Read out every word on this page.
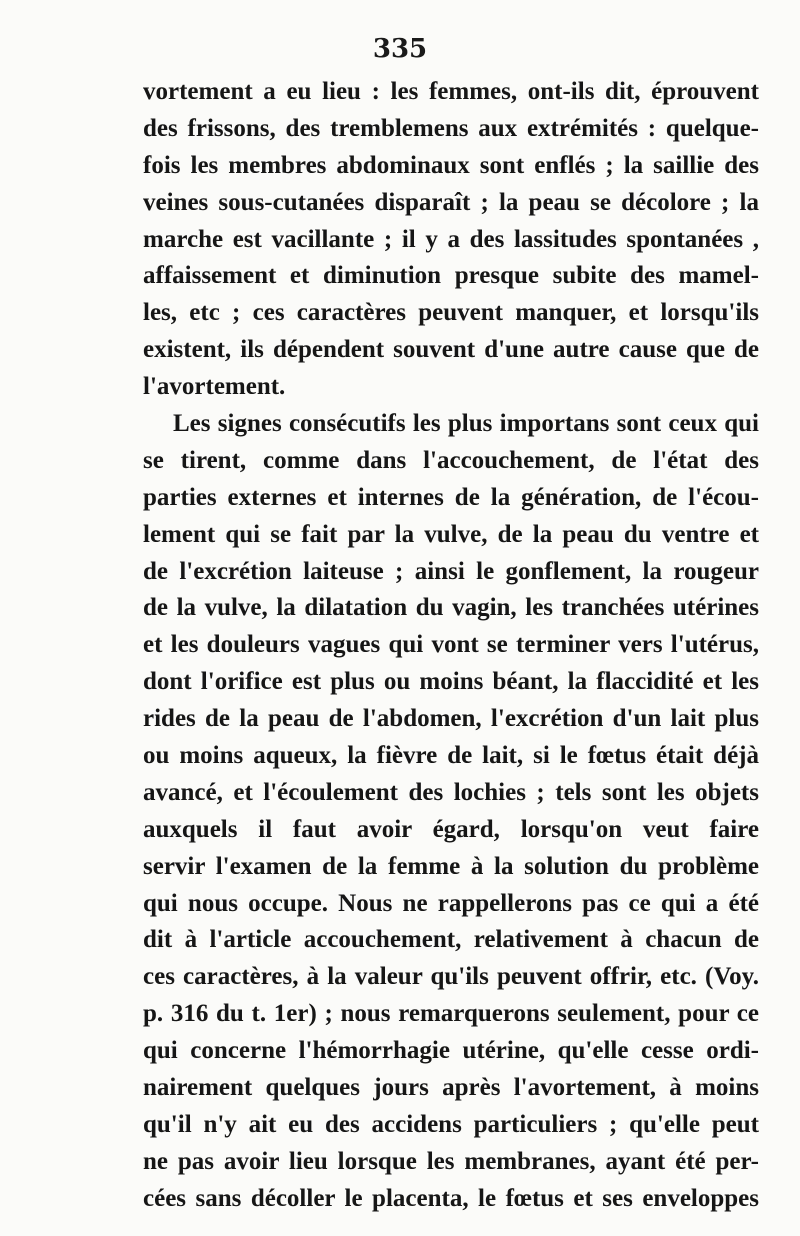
335
vortement a eu lieu : les femmes, ont-ils dit, éprouvent
des frissons, des tremblemens aux extrémités : quelque-
fois les membres abdominaux sont enflés ; la saillie des
veines sous-cutanées disparaît ; la peau se décolore ; la
marche est vacillante ; il y a des lassitudes spontanées ,
affaissement et diminution presque subite des mamel-
les, etc ; ces caractères peuvent manquer, et lorsqu'ils
existent, ils dépendent souvent d'une autre cause que de
l'avortement.
Les signes consécutifs les plus importans sont ceux qui
se tirent, comme dans l'accouchement, de l'état des
parties externes et internes de la génération, de l'écou-
lement qui se fait par la vulve, de la peau du ventre et
de l'excrétion laiteuse ; ainsi le gonflement, la rougeur
de la vulve, la dilatation du vagin, les tranchées utérines
et les douleurs vagues qui vont se terminer vers l'utérus,
dont l'orifice est plus ou moins béant, la flaccidité et les
rides de la peau de l'abdomen, l'excrétion d'un lait plus
ou moins aqueux, la fièvre de lait, si le fœtus était déjà
avancé, et l'écoulement des lochies ; tels sont les objets
auxquels il faut avoir égard, lorsqu'on veut faire
servir l'examen de la femme à la solution du problème
qui nous occupe. Nous ne rappellerons pas ce qui a été
dit à l'article accouchement, relativement à chacun de
ces caractères, à la valeur qu'ils peuvent offrir, etc. (Voy.
p. 316 du t. 1er) ; nous remarquerons seulement, pour ce
qui concerne l'hémorrhagie utérine, qu'elle cesse ordi-
nairement quelques jours après l'avortement, à moins
qu'il n'y ait eu des accidens particuliers ; qu'elle peut
ne pas avoir lieu lorsque les membranes, ayant été per-
cées sans décoller le placenta, le fœtus et ses enveloppes
